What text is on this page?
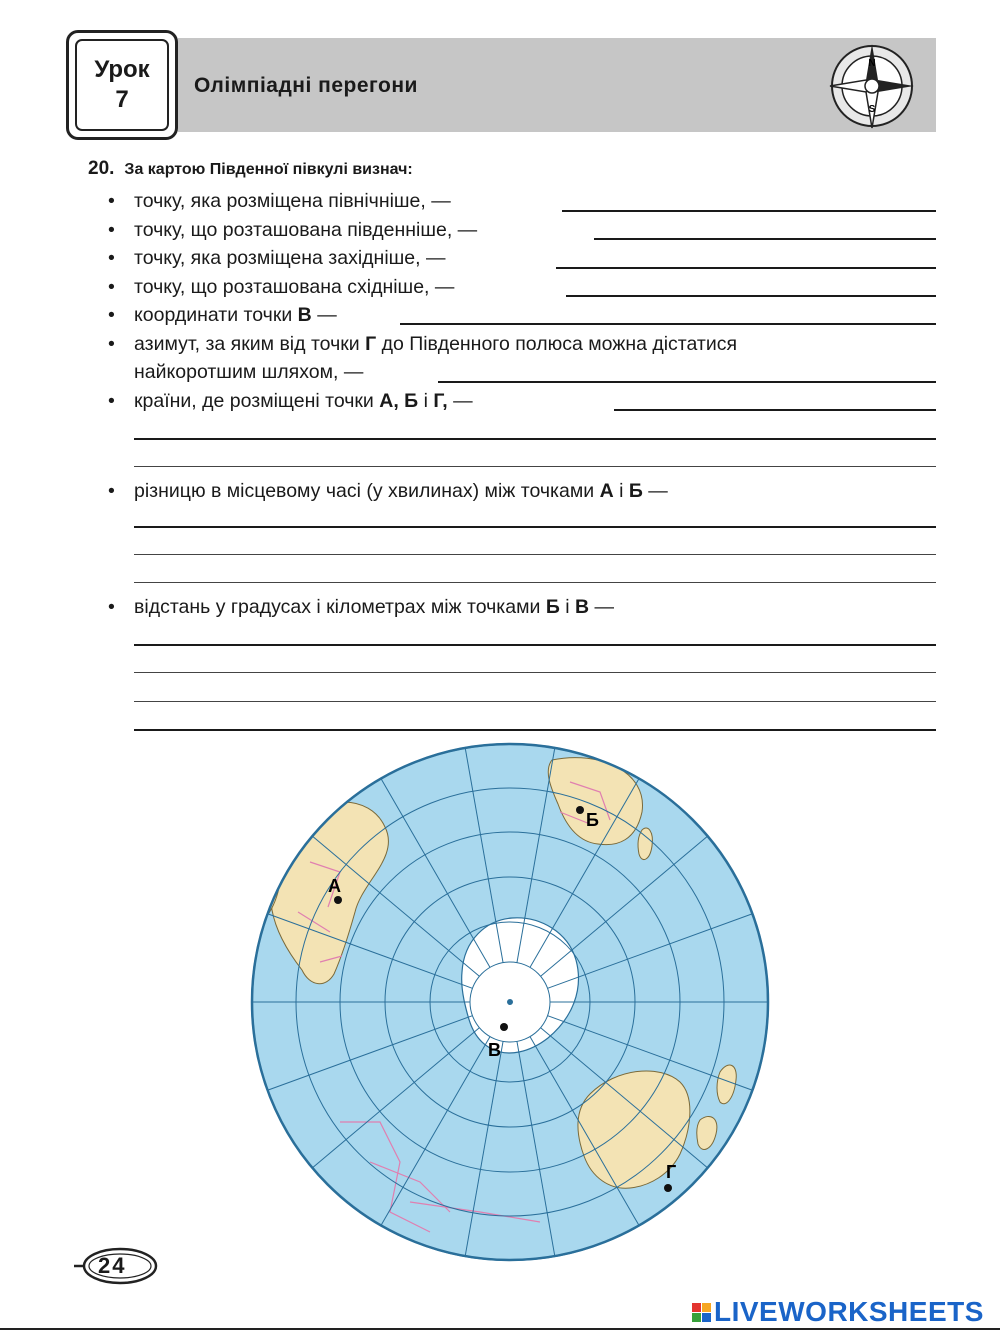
Урок
7
Олімпіадні перегони
N
S
20. За картою Південної півкулі визнач:
• точку, яка розміщена північніше, —
• точку, що розташована південніше, —
• точку, яка розміщена західніше, —
• точку, що розташована східніше, —
• координати точки В —
• азимут, за яким від точки Г до Південного полюса можна дістатися
найкоротшим шляхом, —
• країни, де розміщені точки А, Б і Г, —
• різницю в місцевому часі (у хвилинах) між точками А і Б —
• відстань у градусах і кілометрах між точками Б і В —
А
Б
В
Г
24
LIVEWORKSHEETS
